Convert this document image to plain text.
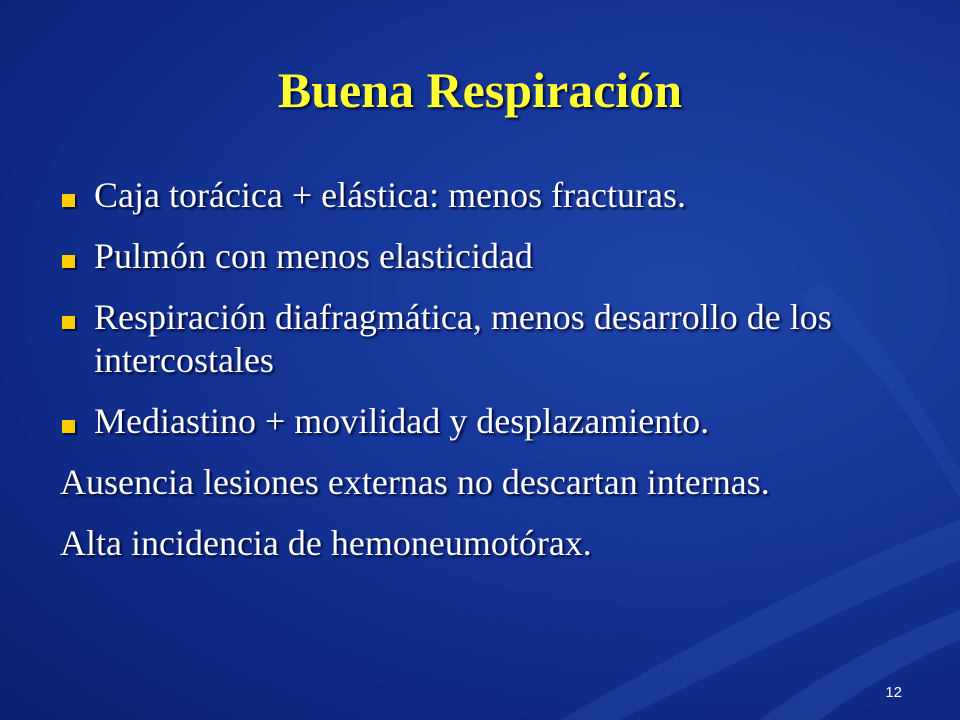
Buena Respiración
Caja torácica + elástica: menos fracturas.
Pulmón con menos elasticidad
Respiración diafragmática, menos desarrollo de los intercostales
Mediastino + movilidad y desplazamiento.
Ausencia lesiones externas no descartan internas.
Alta incidencia de hemoneumotórax.
12
